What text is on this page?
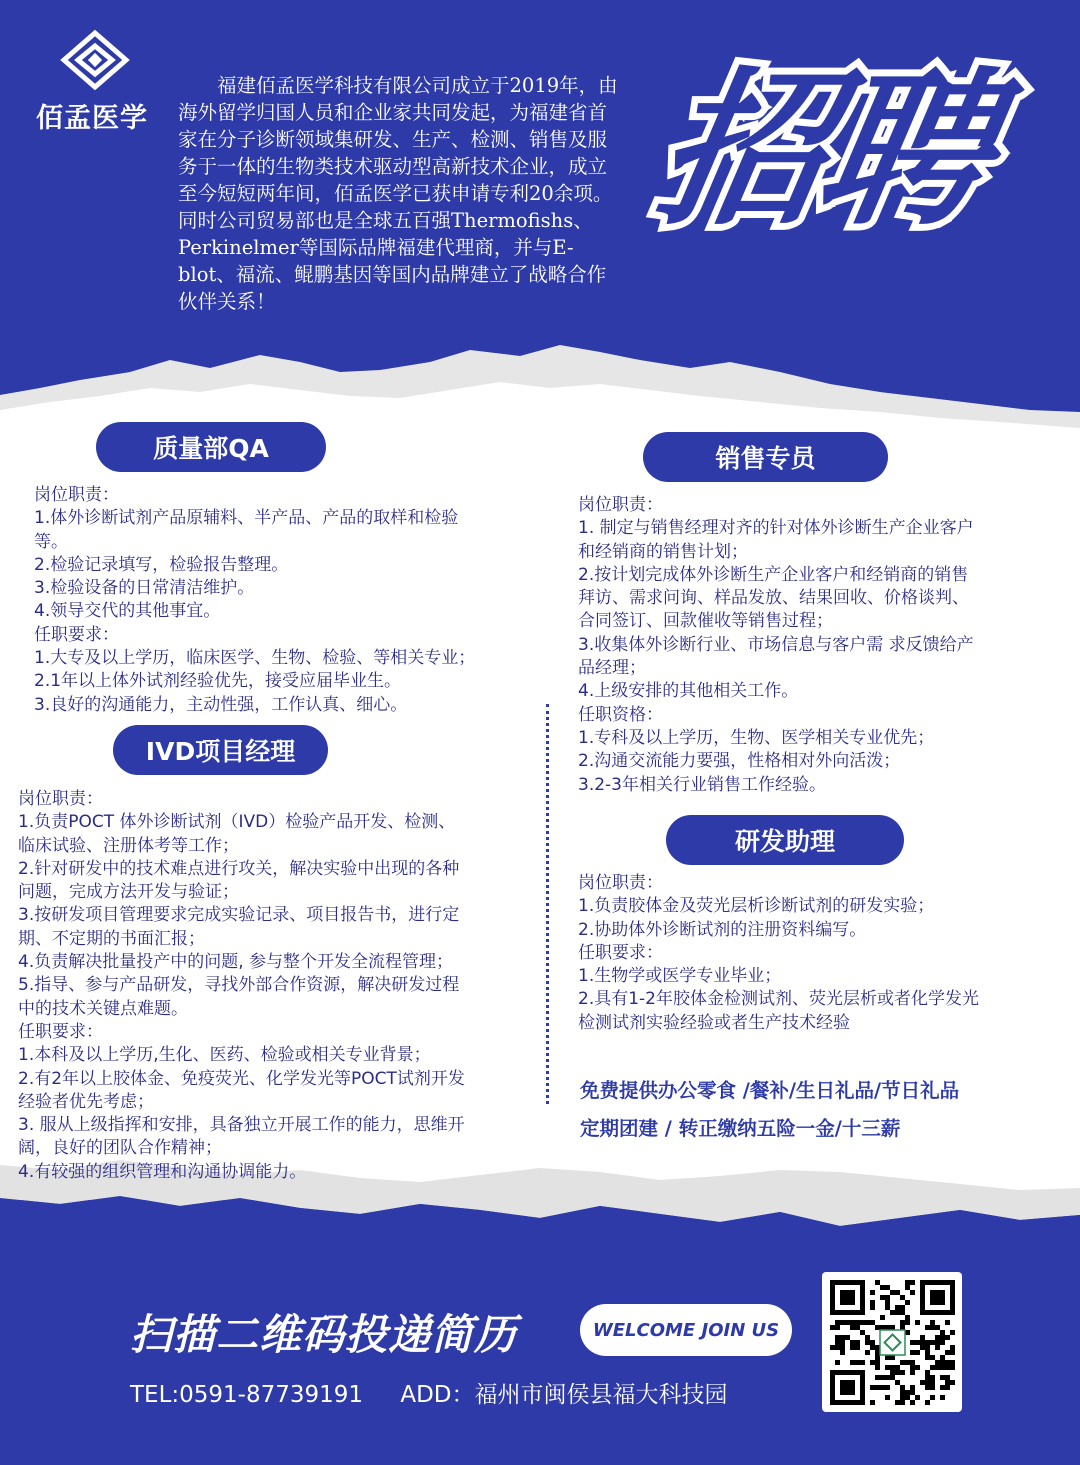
佰孟医学
福建佰孟医学科技有限公司成立于2019年，由海外留学归国人员和企业家共同发起，为福建省首家在分子诊断领域集研发、生产、检测、销售及服务于一体的生物类技术驱动型高新技术企业，成立至今短短两年间，佰孟医学已获申请专利20余项。同时公司贸易部也是全球五百强Thermofishs、Perkinelmer等国际品牌福建代理商，并与E-blot、福流、鲲鹏基因等国内品牌建立了战略合作伙伴关系！
招聘
质量部QA
岗位职责：
1.体外诊断试剂产品原辅料、半产品、产品的取样和检验
等。
2.检验记录填写，检验报告整理。
3.检验设备的日常清洁维护。
4.领导交代的其他事宜。
任职要求：
1.大专及以上学历，临床医学、生物、检验、等相关专业；
2.1年以上体外试剂经验优先，接受应届毕业生。
3.良好的沟通能力，主动性强，工作认真、细心。
IVD项目经理
岗位职责：
1.负责POCT 体外诊断试剂（IVD）检验产品开发、检测、
临床试验、注册体考等工作；
2.针对研发中的技术难点进行攻关，解决实验中出现的各种
问题，完成方法开发与验证；
3.按研发项目管理要求完成实验记录、项目报告书，进行定
期、不定期的书面汇报；
4.负责解决批量投产中的问题, 参与整个开发全流程管理；
5.指导、参与产品研发，寻找外部合作资源，解决研发过程
中的技术关键点难题。
任职要求：
1.本科及以上学历,生化、医药、检验或相关专业背景；
2.有2年以上胶体金、免疫荧光、化学发光等POCT试剂开发
经验者优先考虑；
3. 服从上级指挥和安排，具备独立开展工作的能力，思维开
阔，良好的团队合作精神；
4.有较强的组织管理和沟通协调能力。
销售专员
岗位职责：
1. 制定与销售经理对齐的针对体外诊断生产企业客户
和经销商的销售计划；
2.按计划完成体外诊断生产企业客户和经销商的销售
拜访、需求问询、样品发放、结果回收、价格谈判、
合同签订、回款催收等销售过程；
3.收集体外诊断行业、市场信息与客户需 求反馈给产
品经理；
4.上级安排的其他相关工作。
任职资格：
1.专科及以上学历，生物、医学相关专业优先；
2.沟通交流能力要强，性格相对外向活泼；
3.2-3年相关行业销售工作经验。
研发助理
岗位职责：
1.负责胶体金及荧光层析诊断试剂的研发实验；
2.协助体外诊断试剂的注册资料编写。
任职要求：
1.生物学或医学专业毕业；
2.具有1-2年胶体金检测试剂、荧光层析或者化学发光
检测试剂实验经验或者生产技术经验
免费提供办公零食 /餐补/生日礼品/节日礼品
定期团建 / 转正缴纳五险一金/十三薪
扫描二维码投递简历	WELCOME JOIN US
TEL:0591-87739191 ADD：福州市闽侯县福大科技园
